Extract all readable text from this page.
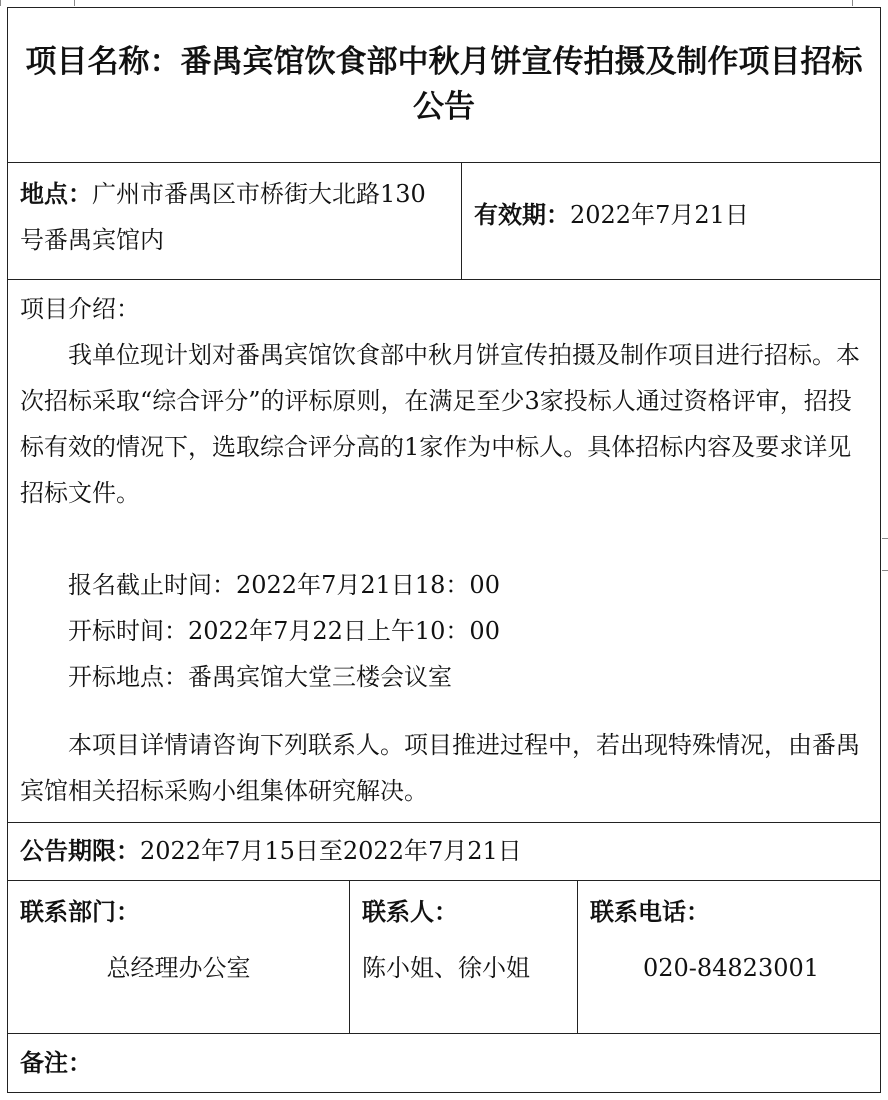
项目名称：番禺宾馆饮食部中秋月饼宣传拍摄及制作项目招标公告
地点：广州市番禺区市桥街大北路130号番禺宾馆内
有效期：2022年7月21日
项目介绍：

我单位现计划对番禺宾馆饮食部中秋月饼宣传拍摄及制作项目进行招标。本次招标采取“综合评分”的评标原则，在满足至少3家投标人通过资格评审，招投标有效的情况下，选取综合评分高的1家作为中标人。具体招标内容及要求详见招标文件。

报名截止时间：2022年7月21日18：00

开标时间：2022年7月22日上午10：00

开标地点：番禺宾馆大堂三楼会议室

本项目详情请咨询下列联系人。项目推进过程中，若出现特殊情况，由番禺宾馆相关招标采购小组集体研究解决。

公告期限：2022年7月15日至2022年7月21日
联系部门：
总经理办公室
联系人：
陈小姐、徐小姐
联系电话：
020-84823001
备注：
